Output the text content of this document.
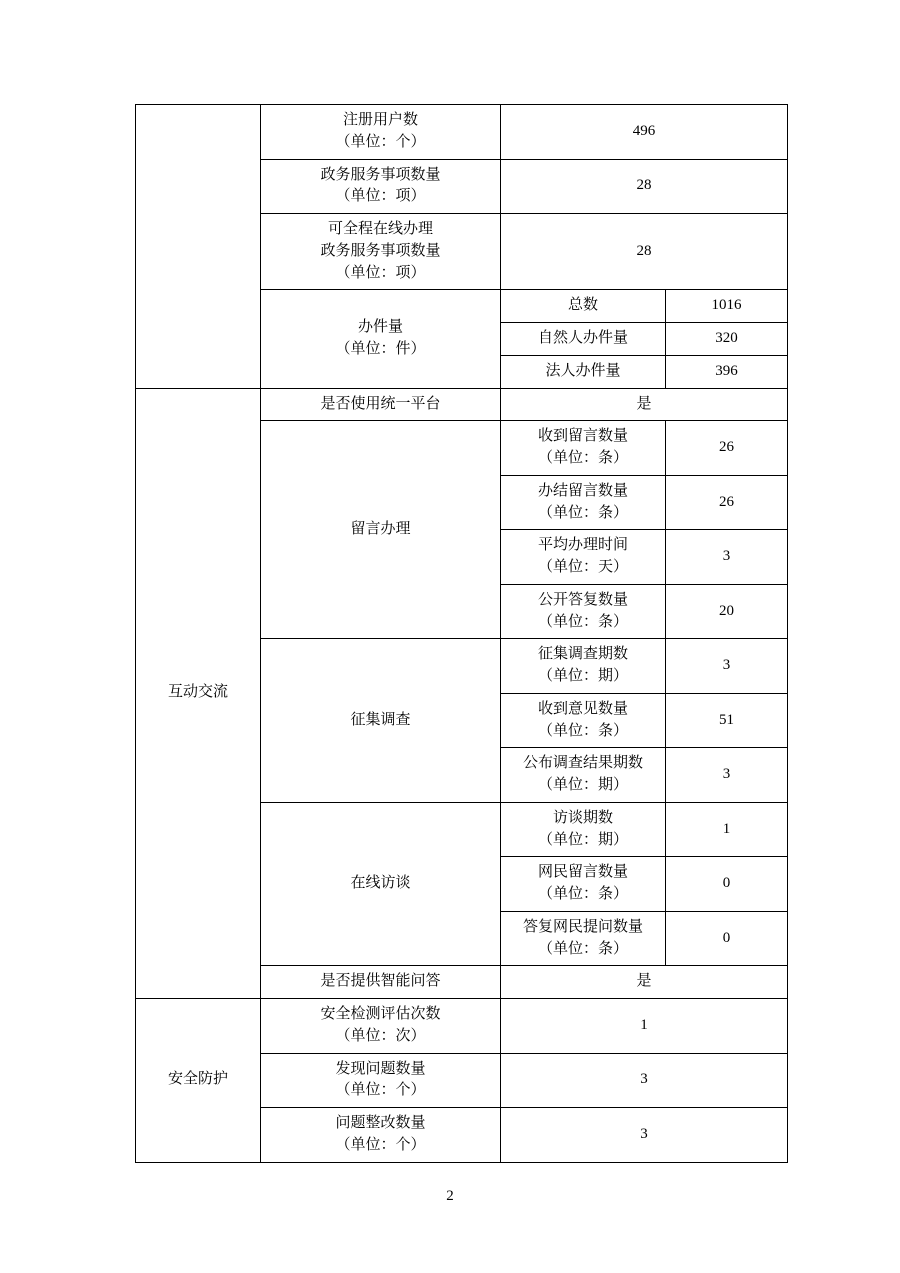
	注册用户数
（单位：个）	496	

	政务服务事项数量
（单位：项）	28	

	可全程在线办理
政务服务事项数量
（单位：项）	28	

	办件量
（单位：件）	总数	1016
		自然人办件量	320
		法人办件量	396
互动交流	是否使用统一平台	是	
	留言办理	收到留言数量
（单位：条）	26

		办结留言数量
（单位：条）	26

		平均办理时间
（单位：天）	3

		公开答复数量
（单位：条）	20
	征集调查	征集调查期数
（单位：期）	3

		收到意见数量
（单位：条）	51

		公布调查结果期数
（单位：期）	3
	在线访谈	访谈期数
（单位：期）	1

		网民留言数量
（单位：条）	0

		答复网民提问数量
（单位：条）	0
	是否提供智能问答	是	
安全防护	安全检测评估次数
（单位：次）	1	

	发现问题数量
（单位：个）	3	

	问题整改数量
（单位：个）	3	
2
